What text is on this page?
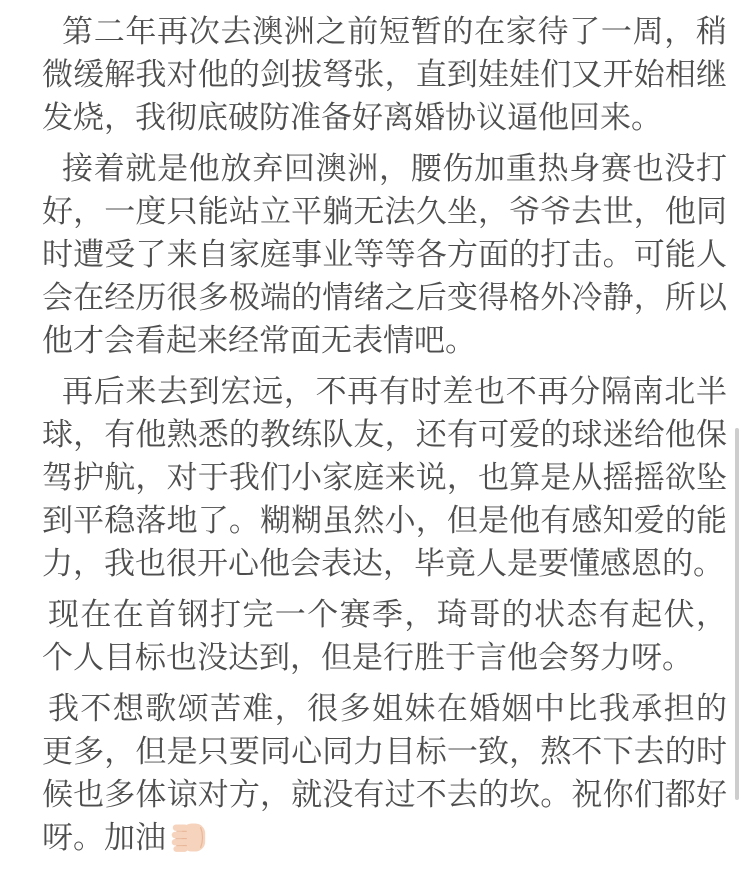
第二年再次去澳洲之前短暂的在家待了一周，稍微缓解我对他的剑拔弩张，直到娃娃们又开始相继发烧，我彻底破防准备好离婚协议逼他回来。

接着就是他放弃回澳洲，腰伤加重热身赛也没打好，一度只能站立平躺无法久坐，爷爷去世，他同时遭受了来自家庭事业等等各方面的打击。可能人会在经历很多极端的情绪之后变得格外冷静，所以他才会看起来经常面无表情吧。

再后来去到宏远，不再有时差也不再分隔南北半球，有他熟悉的教练队友，还有可爱的球迷给他保驾护航，对于我们小家庭来说，也算是从摇摇欲坠到平稳落地了。糊糊虽然小，但是他有感知爱的能力，我也很开心他会表达，毕竟人是要懂感恩的。

现在在首钢打完一个赛季，琦哥的状态有起伏，个人目标也没达到，但是行胜于言他会努力呀。

我不想歌颂苦难，很多姐妹在婚姻中比我承担的更多，但是只要同心同力目标一致，熬不下去的时候也多体谅对方，就没有过不去的坎。祝你们都好呀。加油
